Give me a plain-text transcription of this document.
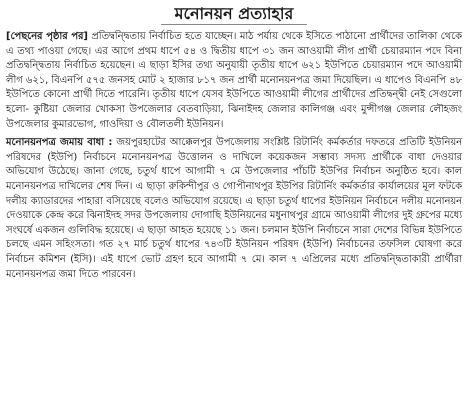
মনোনয়ন প্রত্যাহার

[পেছনের পৃষ্ঠার পর] প্রতিদ্বন্দ্বিতায় নির্বাচিত হতে যাচ্ছেন। মাঠ পর্যায় থেকে ইসিতে পাঠানো প্রার্থীদের তালিকা থেকে এ তথ্য পাওয়া গেছে। এর আগে প্রথম ধাপে ৫৪ ও দ্বিতীয় ধাপে ৩১ জন আওয়ামী লীগ প্রার্থী চেয়ারম্যান পদে বিনা প্রতিদ্বন্দ্বিতায় নির্বাচিত হয়েছেন। এ ছাড়া ইসির তথ্য অনুযায়ী তৃতীয় ধাপে ৬২১ ইউপিতে চেয়ারম্যান পদে আওয়ামী লীগ ৬২১, বিএনপি ৫৭৫ জনসহ মোট ২ হাজার ৮১৭ জন প্রার্থী মনোনয়নপত্র জমা দিয়েছিল। এ ধাপেও বিএনপি ৪৮ ইউপিতে কোনো প্রার্থী দিতে পারেনি। তৃতীয় ধাপে যেসব ইউপিতে আওয়ামী লীগের প্রার্থীদের প্রতিদ্বন্দ্বী নেই সেগুলো হলো- কুষ্টিয়া জেলার খোকসা উপজেলার বেতবাড়িয়া, ঝিনাইদহ জেলার কালিগঞ্জ এবং মুন্সীগঞ্জ জেলার লৌহজং উপজেলার কুমারভোগ, গাওদিয়া ও বৌলতলী ইউনিয়ন।

মনোনয়নপত্র জমায় বাধা : জয়পুরহাটের আক্কেলপুর উপজেলায় সংশ্লিষ্ট রিটার্নিং কর্মকর্তার দফতরে প্রতিটি ইউনিয়ন পরিষদের (ইউপি) নির্বাচনে মনোনয়নপত্র উত্তোলন ও দাখিলে কয়েকজন সম্ভাব্য সদস্য প্রার্থীকে বাধা দেওয়ার অভিযোগ উঠেছে। জানা গেছে, চতুর্থ ধাপে আগামী ৭ মে উপজেলার পাঁচটি ইউপির নির্বাচন অনুষ্ঠিত হবে। কাল মনোনয়নপত্র দাখিলের শেষ দিন। এ ছাড়া রুকিন্দীপুর ও গোপীনাথপুর ইউপির রিটার্নিং কর্মকর্তার কার্যালয়ের মূল ফটকে দলীয় ক্যাডারদের পাহারা বসিয়েছে বলেও অভিযোগ রয়েছে। এ ছাড়া চতুর্থ ধাপের ইউনিয়ন নির্বাচনে দলীয় মনোনয়ন দেওয়াকে কেন্দ্র করে ঝিনাইদহ সদর উপজেলায় দোগাছি ইউনিয়নের মধুনাথপুর গ্রামে আওয়ামী লীগের দুই গ্রুপের মধ্যে সংঘর্ষে একজন গুলিবিদ্ধ হয়েছে। এ ছাড়া আহত হয়েছে ১১ জন। চলমান ইউপি নির্বাচনে সারা দেশের বিভিন্ন ইউপিতে চলছে এমন সহিংসতা। গত ২৭ মার্চ চতুর্থ ধাপের ৭৪৩টি ইউনিয়ন পরিষদ (ইউপি) নির্বাচনের তফসিল ঘোষণা করে নির্বাচন কমিশন (ইসি)। এই ধাপে ভোট গ্রহণ হবে আগামী ৭ মে। কাল ৭ এপ্রিলের মধ্যে প্রতিদ্বন্দ্বিতাকারী প্রার্থীরা মনোনয়নপত্র জমা দিতে পারবেন।
